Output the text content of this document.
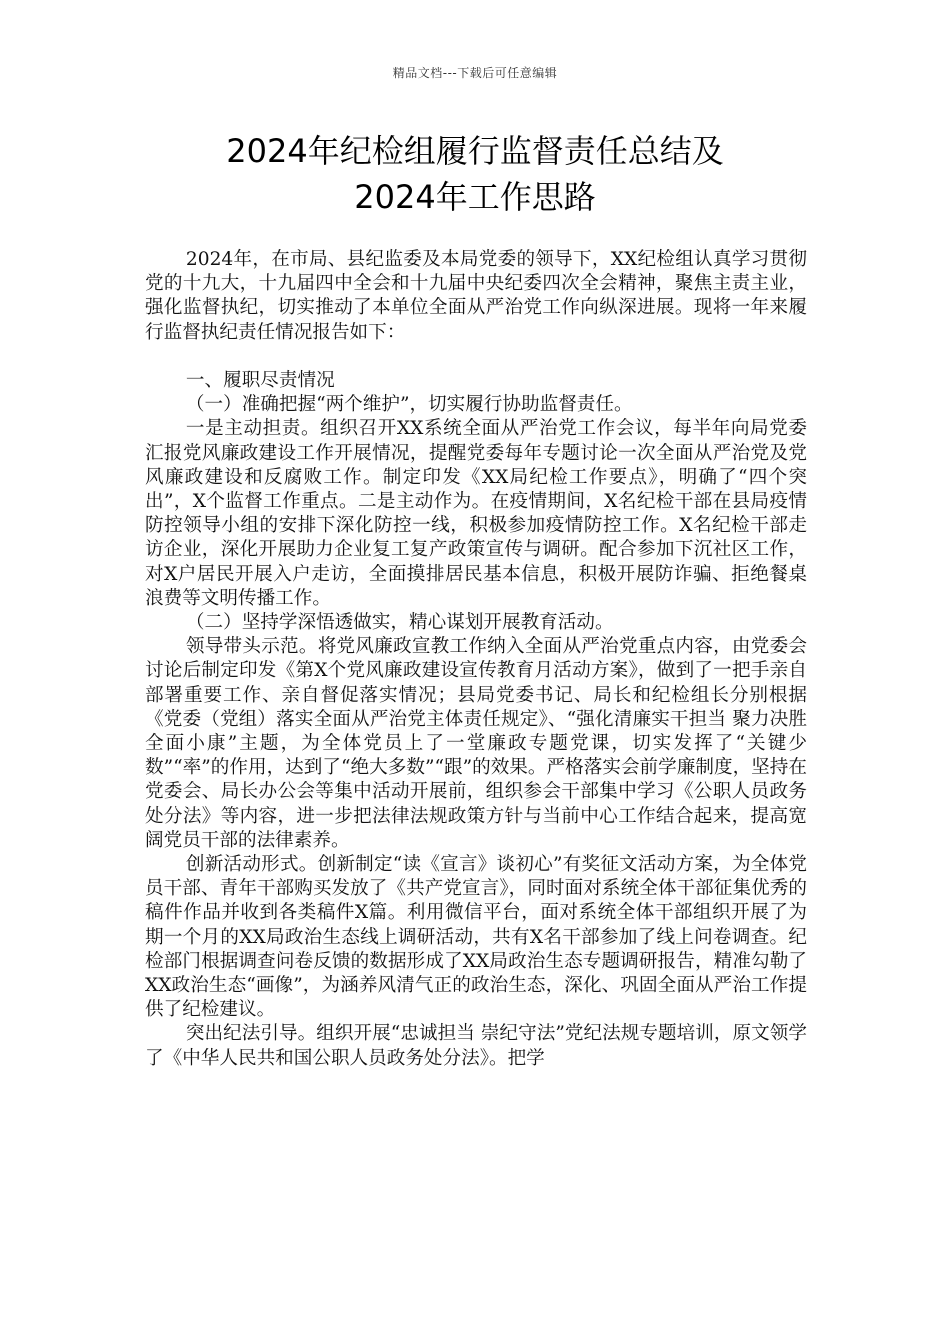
精品文档---下载后可任意编辑
2024年纪检组履行监督责任总结及
2024年工作思路

2024年，在市局、县纪监委及本局党委的领导下，XX纪检组认真学习贯彻党的十九大，十九届四中全会和十九届中央纪委四次全会精神，聚焦主责主业，强化监督执纪，切实推动了本单位全面从严治党工作向纵深进展。现将一年来履行监督执纪责任情况报告如下：

一、履职尽责情况

（一）准确把握“两个维护”，切实履行协助监督责任。

一是主动担责。组织召开XX系统全面从严治党工作会议，每半年向局党委汇报党风廉政建设工作开展情况，提醒党委每年专题讨论一次全面从严治党及党风廉政建设和反腐败工作。制定印发《XX局纪检工作要点》，明确了“四个突出”，X个监督工作重点。二是主动作为。在疫情期间，X名纪检干部在县局疫情防控领导小组的安排下深化防控一线，积极参加疫情防控工作。X名纪检干部走访企业，深化开展助力企业复工复产政策宣传与调研。配合参加下沉社区工作，对X户居民开展入户走访，全面摸排居民基本信息，积极开展防诈骗、拒绝餐桌浪费等文明传播工作。

（二）坚持学深悟透做实，精心谋划开展教育活动。

领导带头示范。将党风廉政宣教工作纳入全面从严治党重点内容，由党委会讨论后制定印发《第X个党风廉政建设宣传教育月活动方案》，做到了一把手亲自部署重要工作、亲自督促落实情况；县局党委书记、局长和纪检组长分别根据《党委（党组）落实全面从严治党主体责任规定》、“强化清廉实干担当 聚力决胜全面小康”主题，为全体党员上了一堂廉政专题党课，切实发挥了“关键少数”“率”的作用，达到了“绝大多数”“跟”的效果。严格落实会前学廉制度，坚持在党委会、局长办公会等集中活动开展前，组织参会干部集中学习《公职人员政务处分法》等内容，进一步把法律法规政策方针与当前中心工作结合起来，提高宽阔党员干部的法律素养。

创新活动形式。创新制定“读《宣言》谈初心”有奖征文活动方案，为全体党员干部、青年干部购买发放了《共产党宣言》，同时面对系统全体干部征集优秀的稿件作品并收到各类稿件X篇。利用微信平台，面对系统全体干部组织开展了为期一个月的XX局政治生态线上调研活动，共有X名干部参加了线上问卷调查。纪检部门根据调查问卷反馈的数据形成了XX局政治生态专题调研报告，精准勾勒了XX政治生态“画像”，为涵养风清气正的政治生态，深化、巩固全面从严治工作提供了纪检建议。

突出纪法引导。组织开展“忠诚担当 崇纪守法”党纪法规专题培训，原文领学了《中华人民共和国公职人员政务处分法》。把学
